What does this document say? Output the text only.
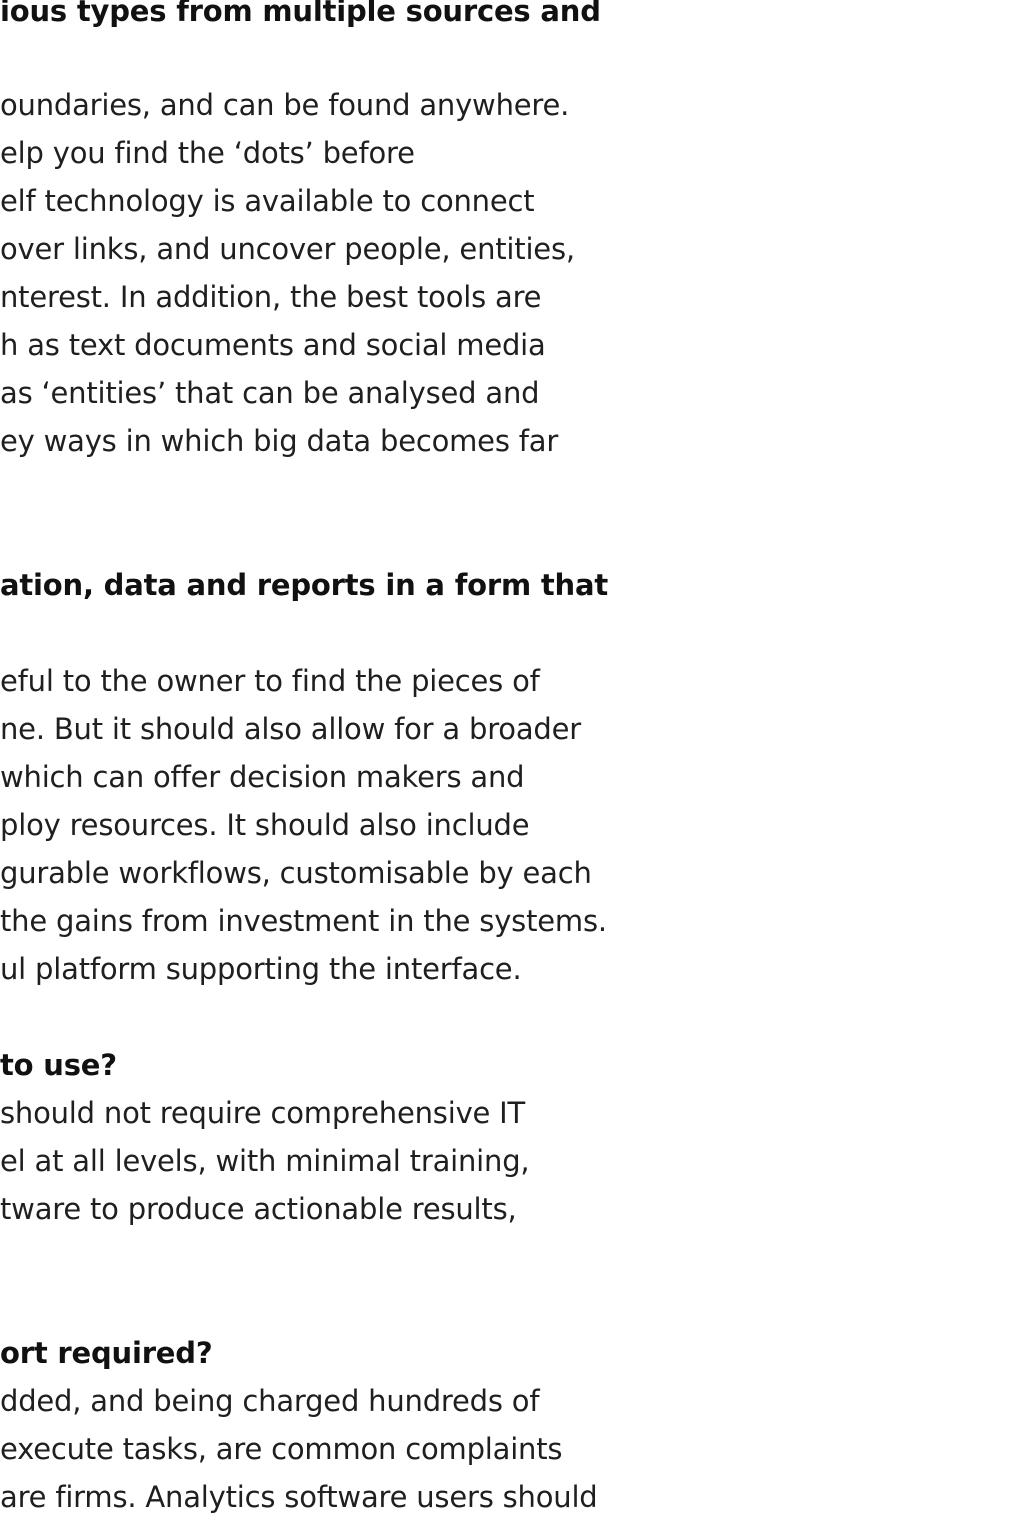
ious types from multiple sources and
oundaries, and can be found anywhere.
elp you find the ‘dots’ before
elf technology is available to connect
over links, and uncover people, entities,
nterest. In addition, the best tools are
h as text documents and social media
as ‘entities’ that can be analysed and
ey ways in which big data becomes far
ation, data and reports in a form that
eful to the owner to find the pieces of
ne. But it should also allow for a broader
which can offer decision makers and
ploy resources. It should also include
gurable workflows, customisable by each
the gains from investment in the systems.
ul platform supporting the interface.
to use?
should not require comprehensive IT
el at all levels, with minimal training,
tware to produce actionable results,
ort required?
dded, and being charged hundreds of
execute tasks, are common complaints
are firms. Analytics software users should
